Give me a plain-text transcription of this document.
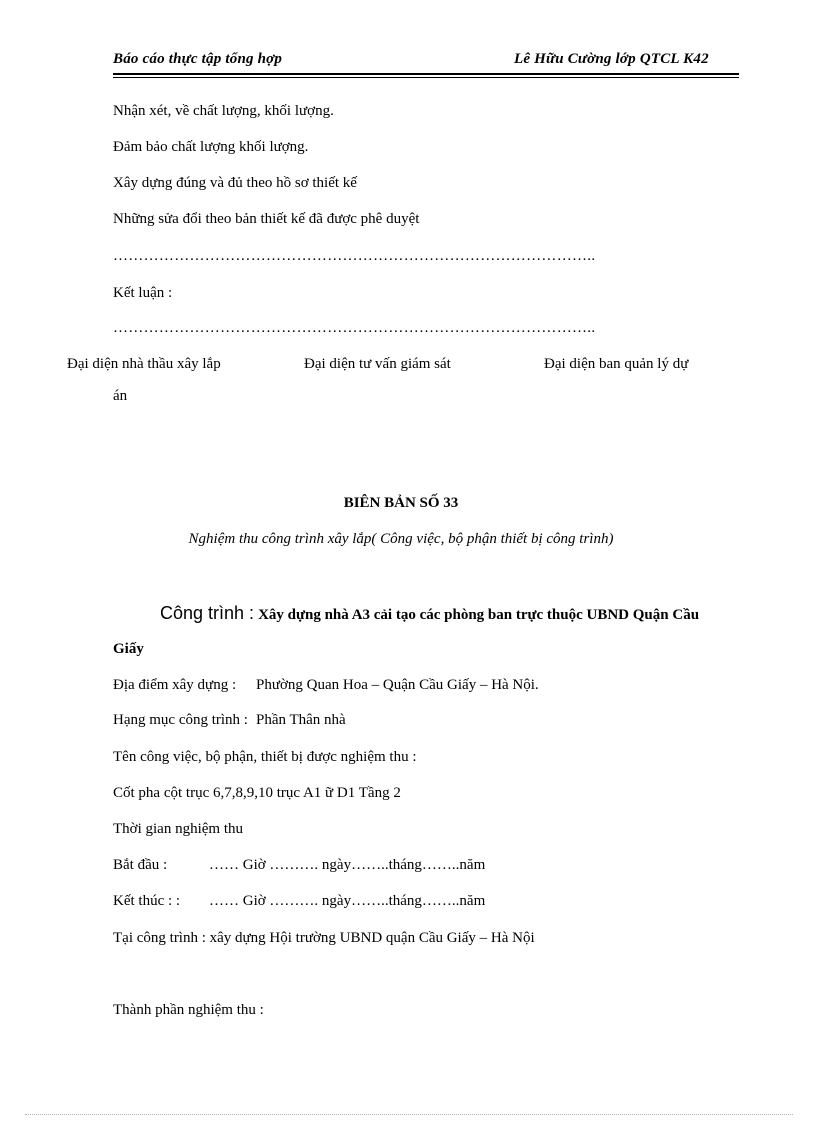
Báo cáo thực tập tổng hợp	Lê Hữu Cường lớp QTCL K42
Nhận xét, về chất lượng, khối lượng.
Đảm bảo chất lượng khối lượng.
Xây dựng đúng và đủ theo hồ sơ thiết kế
Những sửa đổi theo bản thiết kế đã được phê duyệt
…………………………………………………………………………………..
Kết luận :
…………………………………………………………………………………..
Đại diện nhà thầu xây lắp	Đại diện tư vấn giám sát	Đại diện ban quản lý dự
án
BIÊN BẢN SỐ 33
Nghiệm thu công trình xây lắp( Công việc, bộ phận thiết bị công trình)
Công trình : Xây dựng nhà A3 cải tạo các phòng ban trực thuộc UBND Quận Cầu
Giấy
Địa điểm xây dựng : Phường Quan Hoa – Quận Cầu Giấy – Hà Nội.
Hạng mục công trình : Phần Thân nhà
Tên công việc, bộ phận, thiết bị được nghiệm thu :
Cốt pha cột trục 6,7,8,9,10 trục A1 ữ D1 Tầng 2
Thời gian nghiệm thu
Bắt đầu :	…… Giờ ………. ngày……..tháng……..năm
Kết thúc : : …… Giờ ………. ngày……..tháng……..năm
Tại công trình : xây dựng Hội trường UBND quận Cầu Giấy – Hà Nội
Thành phần nghiệm thu :
